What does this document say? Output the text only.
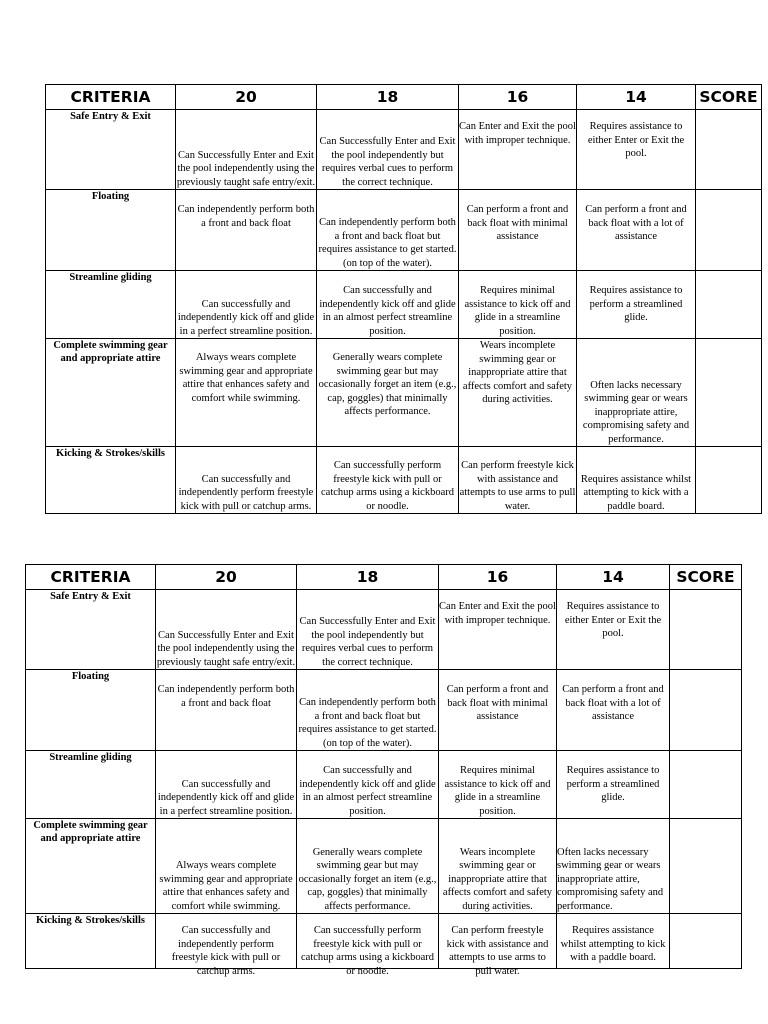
CRITERIA	20	18	16	14	SCORE
Safe Entry & Exit	Can Successfully Enter and Exit the pool independently using the previously taught safe entry/exit.	Can Successfully Enter and Exit the pool independently but requires verbal cues to perform the correct technique.	Can Enter and Exit the pool with improper technique.	Requires assistance to either Enter or Exit the pool.	
Floating	Can independently perform both a front and back float	Can independently perform both a front and back float but requires assistance to get started. (on top of the water).	Can perform a front and back float with minimal assistance	Can perform a front and back float with a lot of assistance	
Streamline gliding	Can successfully and independently kick off and glide in a perfect streamline position.	Can successfully and independently kick off and glide in an almost perfect streamline position.	Requires minimal assistance to kick off and glide in a streamline position.	Requires assistance to perform a streamlined glide.	
Complete swimming gear and appropriate attire	Always wears complete swimming gear and appropriate attire that enhances safety and comfort while swimming.	Generally wears complete swimming gear but may occasionally forget an item (e.g., cap, goggles) that minimally affects performance.	Wears incomplete swimming gear or inappropriate attire that affects comfort and safety during activities.	Often lacks necessary swimming gear or wears inappropriate attire, compromising safety and performance.	
Kicking & Strokes/skills	Can successfully and independently perform freestyle kick with pull or catchup arms.	Can successfully perform freestyle kick with pull or catchup arms using a kickboard or noodle.	Can perform freestyle kick with assistance and attempts to use arms to pull water.	Requires assistance whilst attempting to kick with a paddle board.	
CRITERIA	20	18	16	14	SCORE
Safe Entry & Exit	Can Successfully Enter and Exit the pool independently using the previously taught safe entry/exit.	Can Successfully Enter and Exit the pool independently but requires verbal cues to perform the correct technique.	Can Enter and Exit the pool with improper technique.	Requires assistance to either Enter or Exit the pool.	
Floating	Can independently perform both a front and back float	Can independently perform both a front and back float but requires assistance to get started. (on top of the water).	Can perform a front and back float with minimal assistance	Can perform a front and back float with a lot of assistance	
Streamline gliding	Can successfully and independently kick off and glide in a perfect streamline position.	Can successfully and independently kick off and glide in an almost perfect streamline position.	Requires minimal assistance to kick off and glide in a streamline position.	Requires assistance to perform a streamlined glide.	
Complete swimming gear and appropriate attire	Always wears complete swimming gear and appropriate attire that enhances safety and comfort while swimming.	Generally wears complete swimming gear but may occasionally forget an item (e.g., cap, goggles) that minimally affects performance.	Wears incomplete swimming gear or inappropriate attire that affects comfort and safety during activities.	Often lacks necessary swimming gear or wears inappropriate attire, compromising safety and performance.	
Kicking & Strokes/skills	Can successfully and independently perform freestyle kick with pull or catchup arms.	Can successfully perform freestyle kick with pull or catchup arms using a kickboard or noodle.	Can perform freestyle kick with assistance and attempts to use arms to pull water.	Requires assistance whilst attempting to kick with a paddle board.	
